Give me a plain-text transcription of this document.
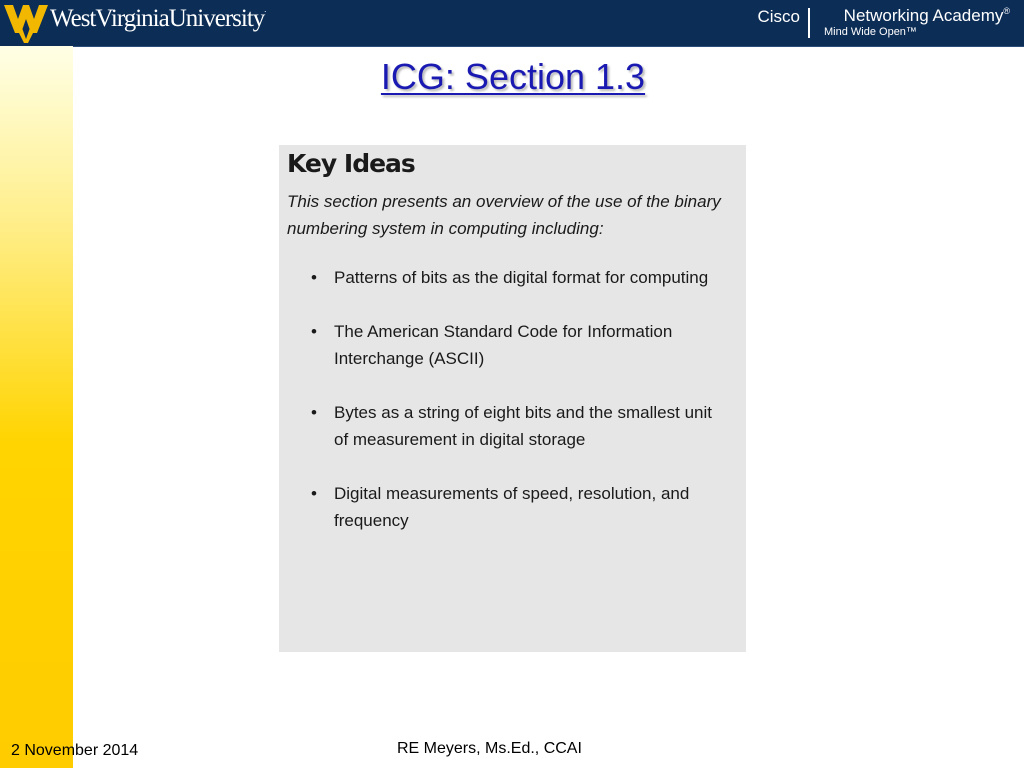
WestVirginiaUniversity.	Cisco	Networking Academy®
Mind Wide Open™
ICG: Section 1.3
Key Ideas
This section presents an overview of the use of the binary numbering system in computing including:
• Patterns of bits as the digital format for computing
• The American Standard Code for Information Interchange (ASCII)
• Bytes as a string of eight bits and the smallest unit of measurement in digital storage
• Digital measurements of speed, resolution, and frequency
2 November 2014	RE Meyers, Ms.Ed., CCAI
